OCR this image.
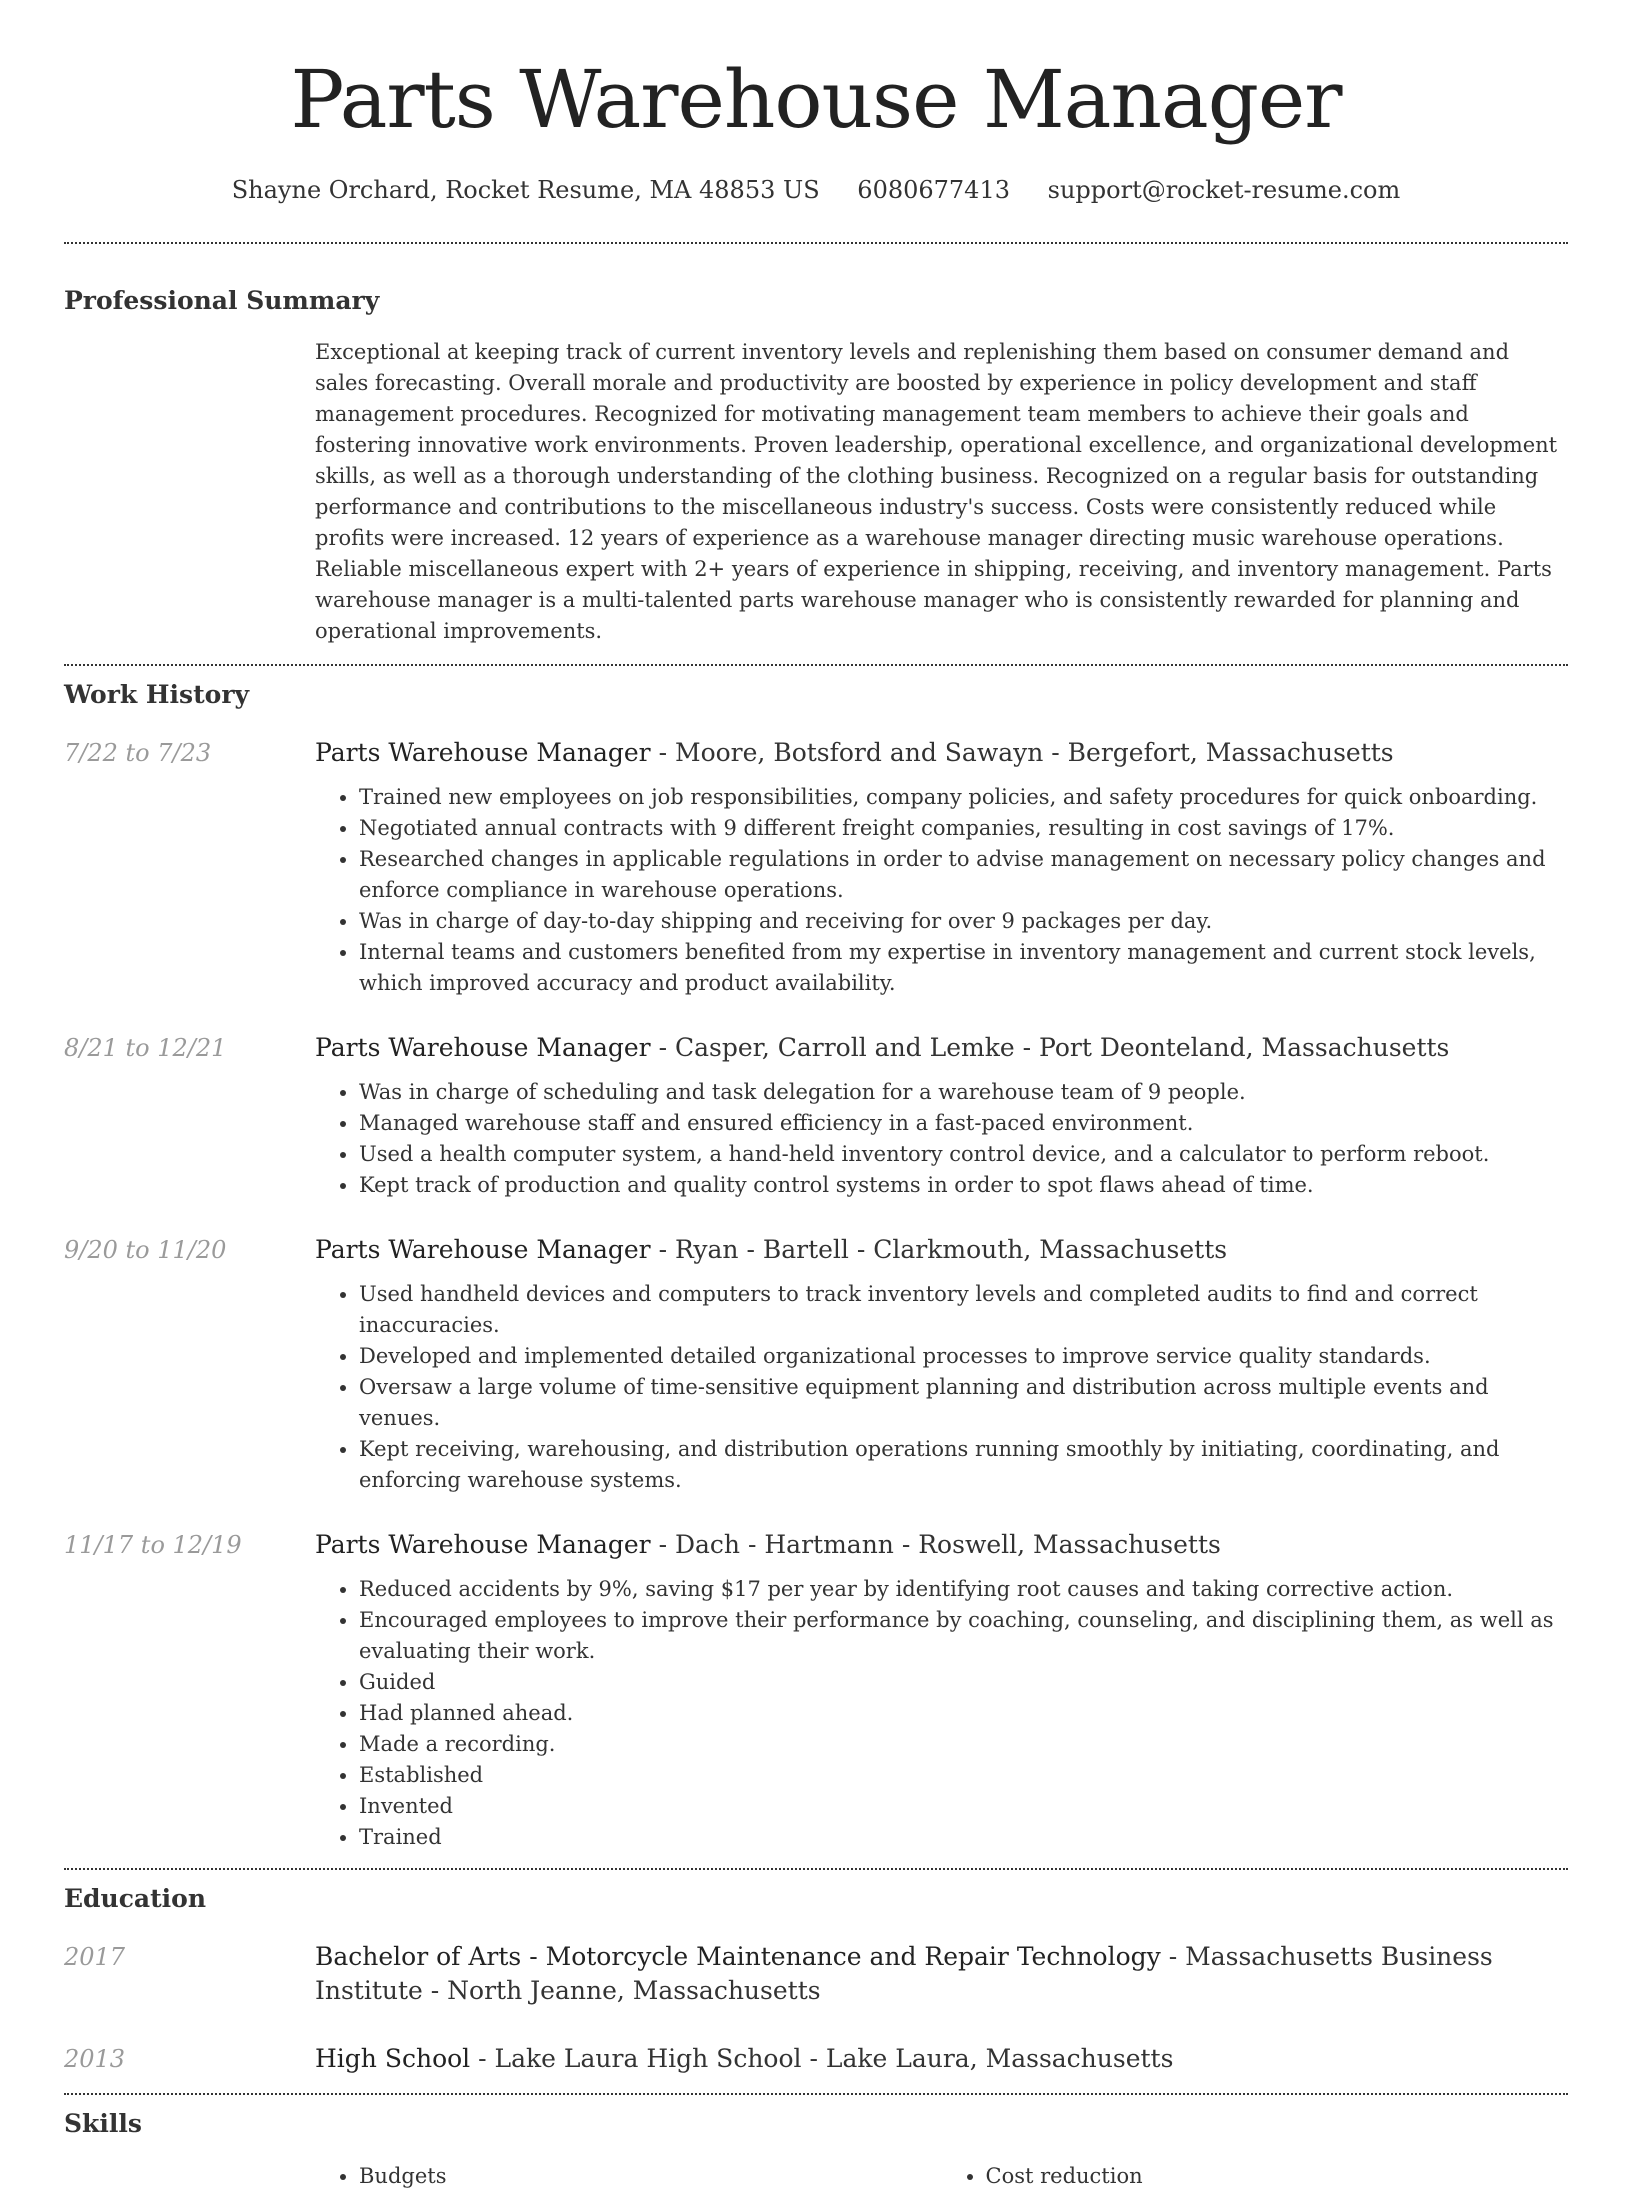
Parts Warehouse Manager
Shayne Orchard, Rocket Resume, MA 48853 US 6080677413 support@rocket-resume.com
Professional Summary

Exceptional at keeping track of current inventory levels and replenishing them based on consumer demand and sales forecasting. Overall morale and productivity are boosted by experience in policy development and staff management procedures. Recognized for motivating management team members to achieve their goals and fostering innovative work environments. Proven leadership, operational excellence, and organizational development skills, as well as a thorough understanding of the clothing business. Recognized on a regular basis for outstanding performance and contributions to the miscellaneous industry's success. Costs were consistently reduced while profits were increased. 12 years of experience as a warehouse manager directing music warehouse operations. Reliable miscellaneous expert with 2+ years of experience in shipping, receiving, and inventory management. Parts warehouse manager is a multi-talented parts warehouse manager who is consistently rewarded for planning and operational improvements.

Work History
7/22 to 7/23	Parts Warehouse Manager - Moore, Botsford and Sawayn - Bergefort, Massachusetts

• Trained new employees on job responsibilities, company policies, and safety procedures for quick onboarding.
• Negotiated annual contracts with 9 different freight companies, resulting in cost savings of 17%.
• Researched changes in applicable regulations in order to advise management on necessary policy changes and enforce compliance in warehouse operations.
• Was in charge of day-to-day shipping and receiving for over 9 packages per day.
• Internal teams and customers benefited from my expertise in inventory management and current stock levels, which improved accuracy and product availability.
8/21 to 12/21	Parts Warehouse Manager - Casper, Carroll and Lemke - Port Deonteland, Massachusetts

• Was in charge of scheduling and task delegation for a warehouse team of 9 people.
• Managed warehouse staff and ensured efficiency in a fast-paced environment.
• Used a health computer system, a hand-held inventory control device, and a calculator to perform reboot.
• Kept track of production and quality control systems in order to spot flaws ahead of time.
9/20 to 11/20	Parts Warehouse Manager - Ryan - Bartell - Clarkmouth, Massachusetts

• Used handheld devices and computers to track inventory levels and completed audits to find and correct inaccuracies.
• Developed and implemented detailed organizational processes to improve service quality standards.
• Oversaw a large volume of time-sensitive equipment planning and distribution across multiple events and venues.
• Kept receiving, warehousing, and distribution operations running smoothly by initiating, coordinating, and enforcing warehouse systems.
11/17 to 12/19	Parts Warehouse Manager - Dach - Hartmann - Roswell, Massachusetts

• Reduced accidents by 9%, saving $17 per year by identifying root causes and taking corrective action.
• Encouraged employees to improve their performance by coaching, counseling, and disciplining them, as well as evaluating their work.
• Guided
• Had planned ahead.
• Made a recording.
• Established
• Invented
• Trained
Education
2017	Bachelor of Arts - Motorcycle Maintenance and Repair Technology - Massachusetts Business Institute - North Jeanne, Massachusetts

2013	High School - Lake Laura High School - Lake Laura, Massachusetts

Skills
• Budgets
•	Cost reduction
